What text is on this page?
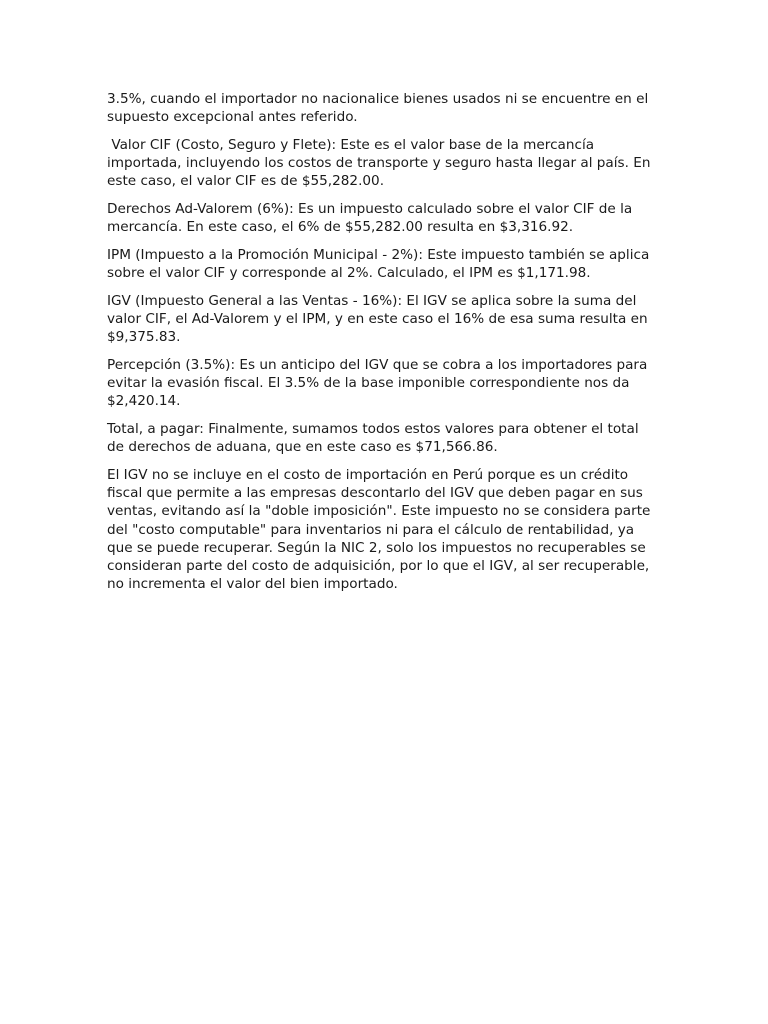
3.5%, cuando el importador no nacionalice bienes usados ni se encuentre en el supuesto excepcional antes referido.

Valor CIF (Costo, Seguro y Flete): Este es el valor base de la mercancía importada, incluyendo los costos de transporte y seguro hasta llegar al país. En este caso, el valor CIF es de $55,282.00.

Derechos Ad-Valorem (6%): Es un impuesto calculado sobre el valor CIF de la mercancía. En este caso, el 6% de $55,282.00 resulta en $3,316.92.

IPM (Impuesto a la Promoción Municipal - 2%): Este impuesto también se aplica sobre el valor CIF y corresponde al 2%. Calculado, el IPM es $1,171.98.

IGV (Impuesto General a las Ventas - 16%): El IGV se aplica sobre la suma del valor CIF, el Ad-Valorem y el IPM, y en este caso el 16% de esa suma resulta en $9,375.83.

Percepción (3.5%): Es un anticipo del IGV que se cobra a los importadores para evitar la evasión fiscal. El 3.5% de la base imponible correspondiente nos da $2,420.14.

Total, a pagar: Finalmente, sumamos todos estos valores para obtener el total de derechos de aduana, que en este caso es $71,566.86.

El IGV no se incluye en el costo de importación en Perú porque es un crédito fiscal que permite a las empresas descontarlo del IGV que deben pagar en sus ventas, evitando así la "doble imposición". Este impuesto no se considera parte del "costo computable" para inventarios ni para el cálculo de rentabilidad, ya que se puede recuperar. Según la NIC 2, solo los impuestos no recuperables se consideran parte del costo de adquisición, por lo que el IGV, al ser recuperable, no incrementa el valor del bien importado.
